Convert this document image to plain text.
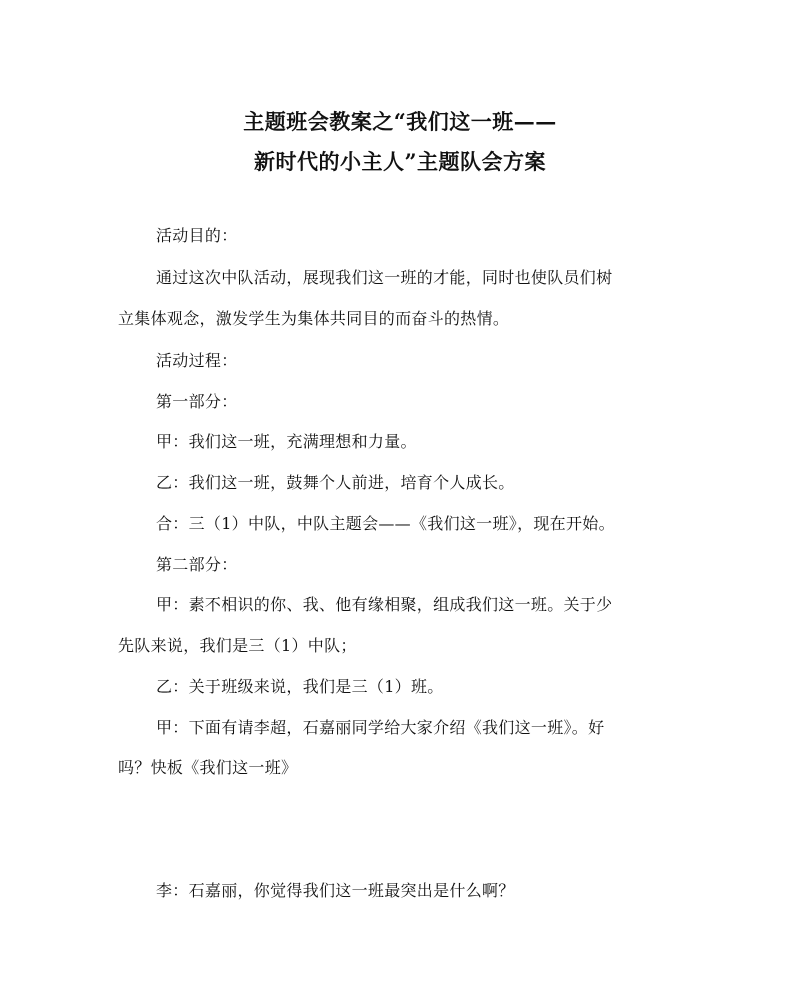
主题班会教案之“我们这一班——
新时代的小主人”主题队会方案
活动目的：
通过这次中队活动，展现我们这一班的才能，同时也使队员们树
立集体观念，激发学生为集体共同目的而奋斗的热情。
活动过程：
第一部分：
甲：我们这一班，充满理想和力量。
乙：我们这一班，鼓舞个人前进，培育个人成长。
合：三（1）中队，中队主题会——《我们这一班》，现在开始。
第二部分：
甲：素不相识的你、我、他有缘相聚，组成我们这一班。关于少
先队来说，我们是三（1）中队；
乙：关于班级来说，我们是三（1）班。
甲：下面有请李超，石嘉丽同学给大家介绍《我们这一班》。好
吗？快板《我们这一班》
李：石嘉丽，你觉得我们这一班最突出是什么啊？
